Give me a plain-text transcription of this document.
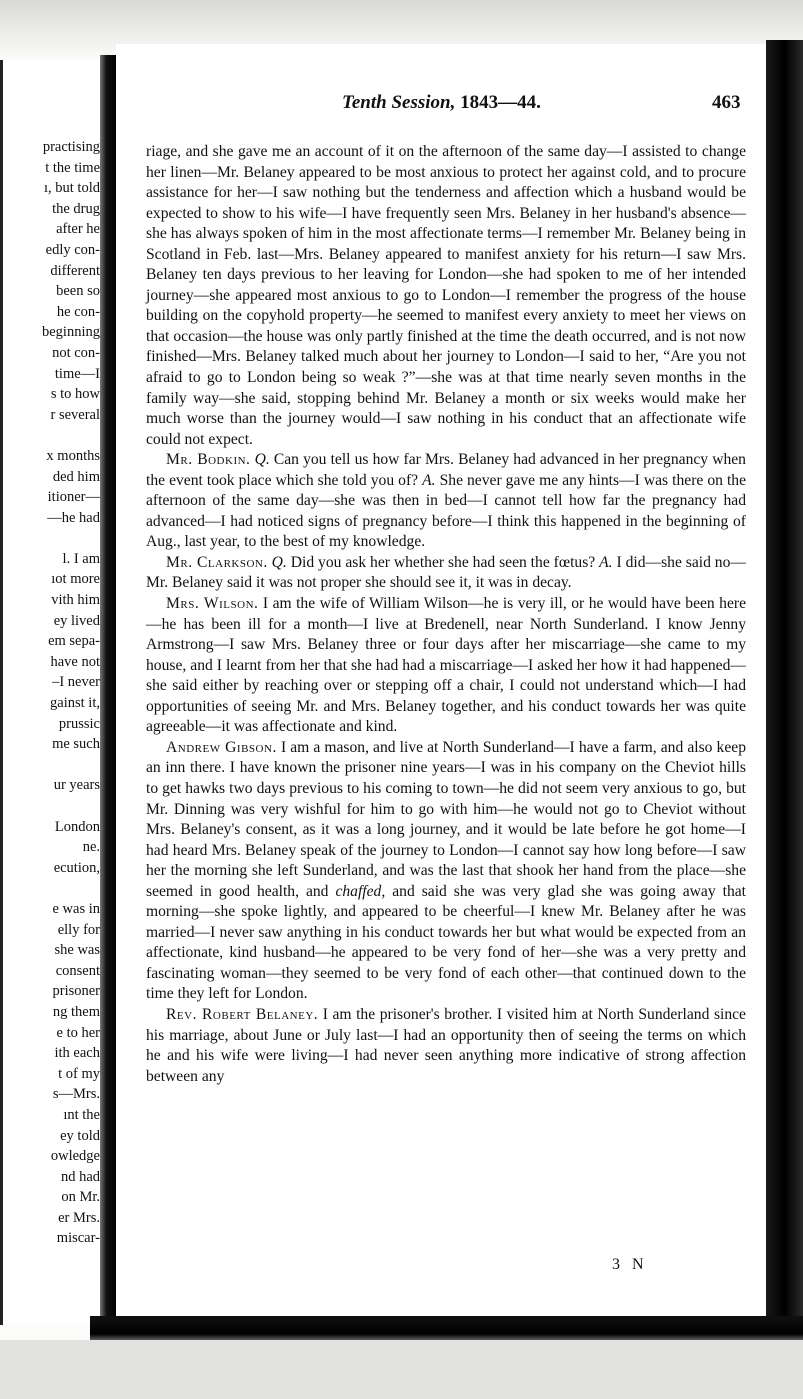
practising
t the time
ı, but told
the drug
after he
edly con-
different
been so
he con-
beginning
not con-
time—I
s to how
r several
x months
ded him
itioner—
—he had
l. I am
ıot more
vith him
ey lived
em sepa-
have not
–I never
gainst it,
prussic
me such
ur years
London
ne.
ecution,
e was in
elly for
she was
consent
prisoner
ng them
e to her
ith each
t of my
s—Mrs.
ınt the
ey told
owledge
nd had
on Mr.
er Mrs.
miscar-
Tenth Session, 1843—44.	463

riage, and she gave me an account of it on the afternoon of the same day—I assisted to change her linen—Mr. Belaney appeared to be most anxious to protect her against cold, and to procure assistance for her—I saw nothing but the tenderness and affection which a husband would be expected to show to his wife—I have frequently seen Mrs. Belaney in her husband's absence—she has always spoken of him in the most affectionate terms—I remember Mr. Belaney being in Scotland in Feb. last—Mrs. Belaney appeared to manifest anxiety for his return—I saw Mrs. Belaney ten days previous to her leaving for London—she had spoken to me of her intended journey—she appeared most anxious to go to London—I remember the progress of the house building on the copyhold property—he seemed to manifest every anxiety to meet her views on that occasion—the house was only partly finished at the time the death occurred, and is not now finished—Mrs. Belaney talked much about her journey to London—I said to her, “Are you not afraid to go to London being so weak ?”—she was at that time nearly seven months in the family way—she said, stopping behind Mr. Belaney a month or six weeks would make her much worse than the journey would—I saw nothing in his conduct that an affectionate wife could not expect.

Mr. Bodkin. Q. Can you tell us how far Mrs. Belaney had advanced in her pregnancy when the event took place which she told you of? A. She never gave me any hints—I was there on the afternoon of the same day—she was then in bed—I cannot tell how far the pregnancy had advanced—I had noticed signs of pregnancy before—I think this happened in the beginning of Aug., last year, to the best of my knowledge.

Mr. Clarkson. Q. Did you ask her whether she had seen the fœtus? A. I did—she said no—Mr. Belaney said it was not proper she should see it, it was in decay.

Mrs. Wilson. I am the wife of William Wilson—he is very ill, or he would have been here—he has been ill for a month—I live at Bredenell, near North Sunderland. I know Jenny Armstrong—I saw Mrs. Belaney three or four days after her miscarriage—she came to my house, and I learnt from her that she had had a miscarriage—I asked her how it had happened—she said either by reaching over or stepping off a chair, I could not understand which—I had opportunities of seeing Mr. and Mrs. Belaney together, and his conduct towards her was quite agreeable—it was affectionate and kind.

Andrew Gibson. I am a mason, and live at North Sunderland—I have a farm, and also keep an inn there. I have known the prisoner nine years—I was in his company on the Cheviot hills to get hawks two days previous to his coming to town—he did not seem very anxious to go, but Mr. Dinning was very wishful for him to go with him—he would not go to Cheviot without Mrs. Belaney's consent, as it was a long journey, and it would be late before he got home—I had heard Mrs. Belaney speak of the journey to London—I cannot say how long before—I saw her the morning she left Sunderland, and was the last that shook her hand from the place—she seemed in good health, and chaffed, and said she was very glad she was going away that morning—she spoke lightly, and appeared to be cheerful—I knew Mr. Belaney after he was married—I never saw anything in his conduct towards her but what would be expected from an affectionate, kind husband—he appeared to be very fond of her—she was a very pretty and fascinating woman—they seemed to be very fond of each other—that continued down to the time they left for London.

Rev. Robert Belaney. I am the prisoner's brother. I visited him at North Sunderland since his marriage, about June or July last—I had an opportunity then of seeing the terms on which he and his wife were living—I had never seen anything more indicative of strong affection between any

3 N
